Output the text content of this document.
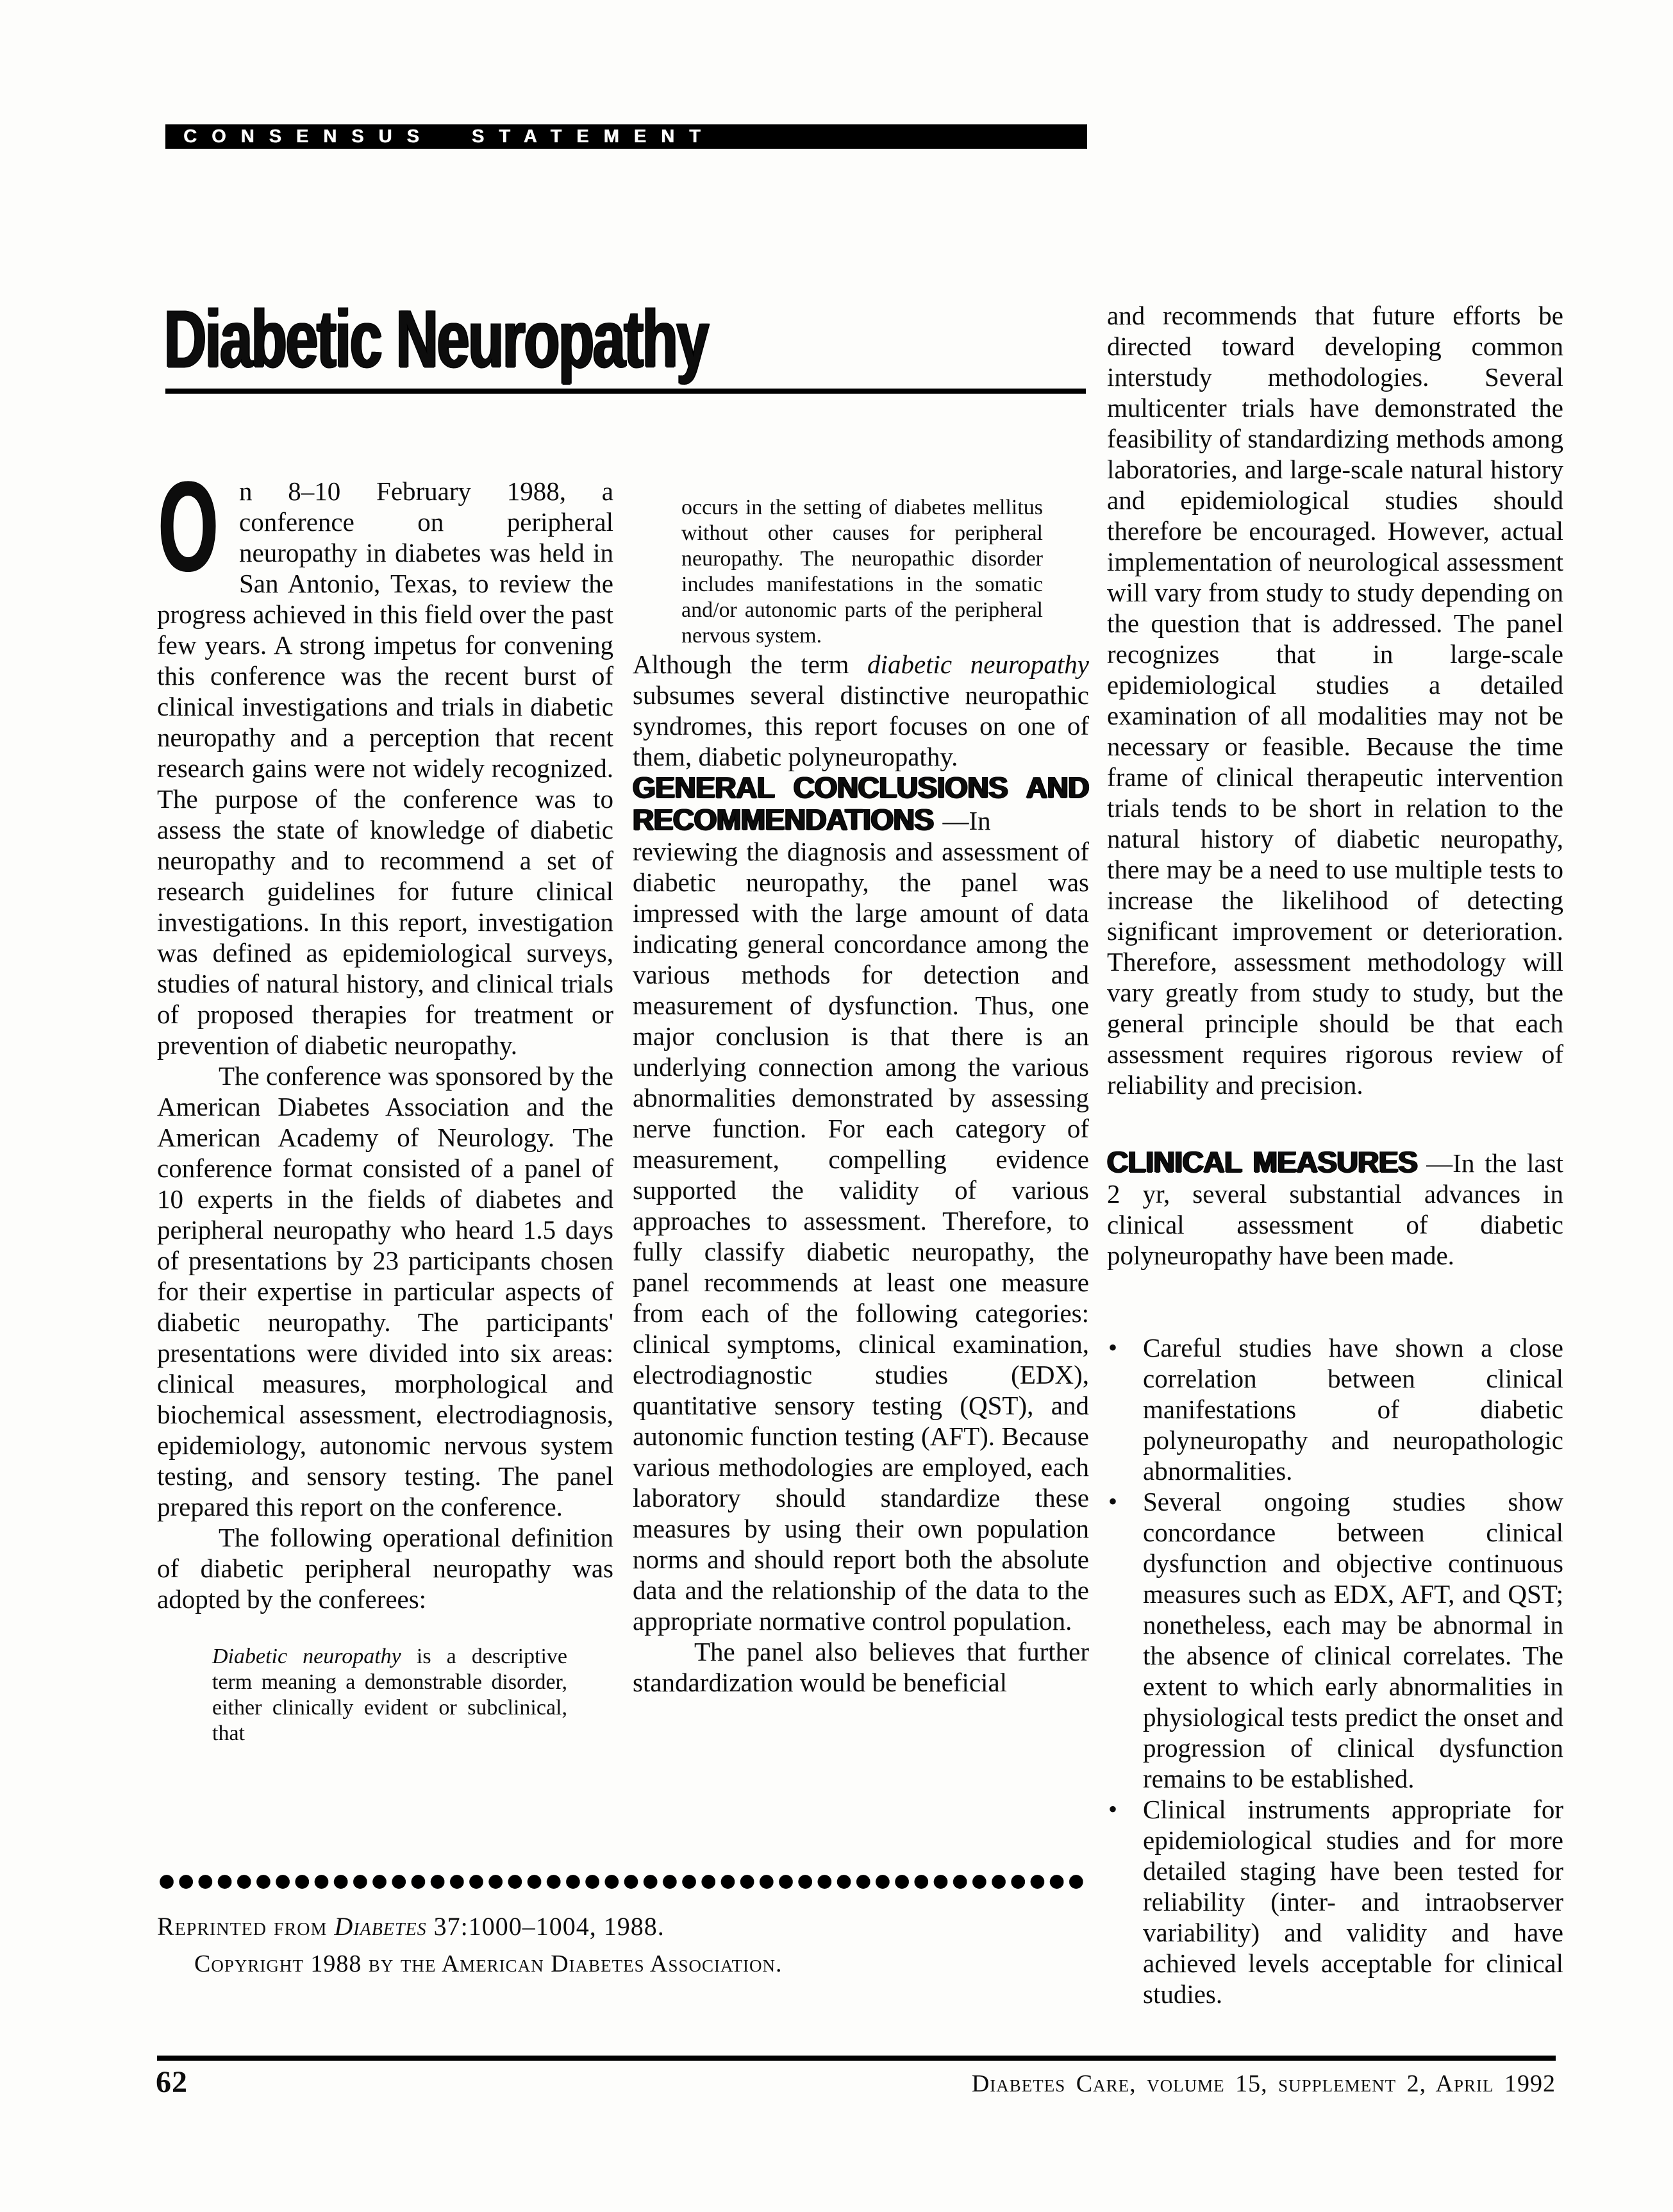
CONSENSUS STATEMENT
Diabetic Neuropathy

On 8–10 February 1988, a conference on peripheral neuropathy in diabetes was held in San Antonio, Texas, to review the progress achieved in this field over the past few years. A strong impetus for convening this conference was the recent burst of clinical investigations and trials in diabetic neuropathy and a perception that recent research gains were not widely recognized. The purpose of the conference was to assess the state of knowledge of diabetic neuropathy and to recommend a set of research guidelines for future clinical investigations. In this report, investigation was defined as epidemiological surveys, studies of natural history, and clinical trials of proposed therapies for treatment or prevention of diabetic neuropathy.

The conference was sponsored by the American Diabetes Association and the American Academy of Neurology. The conference format consisted of a panel of 10 experts in the fields of diabetes and peripheral neuropathy who heard 1.5 days of presentations by 23 participants chosen for their expertise in particular aspects of diabetic neuropathy. The participants' presentations were divided into six areas: clinical measures, morphological and biochemical assessment, electrodiagnosis, epidemiology, autonomic nervous system testing, and sensory testing. The panel prepared this report on the conference.

The following operational definition of diabetic peripheral neuropathy was adopted by the conferees:

Diabetic neuropathy is a descriptive term meaning a demonstrable disorder, either clinically evident or subclinical, that
occurs in the setting of diabetes mellitus without other causes for peripheral neuropathy. The neuropathic disorder includes manifestations in the somatic and/or autonomic parts of the peripheral nervous system.

Although the term diabetic neuropathy subsumes several distinctive neuropathic syndromes, this report focuses on one of them, diabetic polyneuropathy.

GENERAL CONCLUSIONS AND RECOMMENDATIONS —In reviewing the diagnosis and assessment of diabetic neuropathy, the panel was impressed with the large amount of data indicating general concordance among the various methods for detection and measurement of dysfunction. Thus, one major conclusion is that there is an underlying connection among the various abnormalities demonstrated by assessing nerve function. For each category of measurement, compelling evidence supported the validity of various approaches to assessment. Therefore, to fully classify diabetic neuropathy, the panel recommends at least one measure from each of the following categories: clinical symptoms, clinical examination, electrodiagnostic studies (EDX), quantitative sensory testing (QST), and autonomic function testing (AFT). Because various methodologies are employed, each laboratory should standardize these measures by using their own population norms and should report both the absolute data and the relationship of the data to the appropriate normative control population.

The panel also believes that further standardization would be beneficial

and recommends that future efforts be directed toward developing common interstudy methodologies. Several multicenter trials have demonstrated the feasibility of standardizing methods among laboratories, and large-scale natural history and epidemiological studies should therefore be encouraged. However, actual implementation of neurological assessment will vary from study to study depending on the question that is addressed. The panel recognizes that in large-scale epidemiological studies a detailed examination of all modalities may not be necessary or feasible. Because the time frame of clinical therapeutic intervention trials tends to be short in relation to the natural history of diabetic neuropathy, there may be a need to use multiple tests to increase the likelihood of detecting significant improvement or deterioration. Therefore, assessment methodology will vary greatly from study to study, but the general principle should be that each assessment requires rigorous review of reliability and precision.

CLINICAL MEASURES —In the last 2 yr, several substantial advances in clinical assessment of diabetic polyneuropathy have been made.

• Careful studies have shown a close correlation between clinical manifestations of diabetic polyneuropathy and neuropathologic abnormalities.
• Several ongoing studies show concordance between clinical dysfunction and objective continuous measures such as EDX, AFT, and QST; nonetheless, each may be abnormal in the absence of clinical correlates. The extent to which early abnormalities in physiological tests predict the onset and progression of clinical dysfunction remains to be established.
• Clinical instruments appropriate for epidemiological studies and for more detailed staging have been tested for reliability (inter- and intraobserver variability) and validity and have achieved levels acceptable for clinical studies.
Reprinted from Diabetes 37:1000–1004, 1988.
Copyright 1988 by the American Diabetes Association.
62	Diabetes Care, volume 15, supplement 2, April 1992
